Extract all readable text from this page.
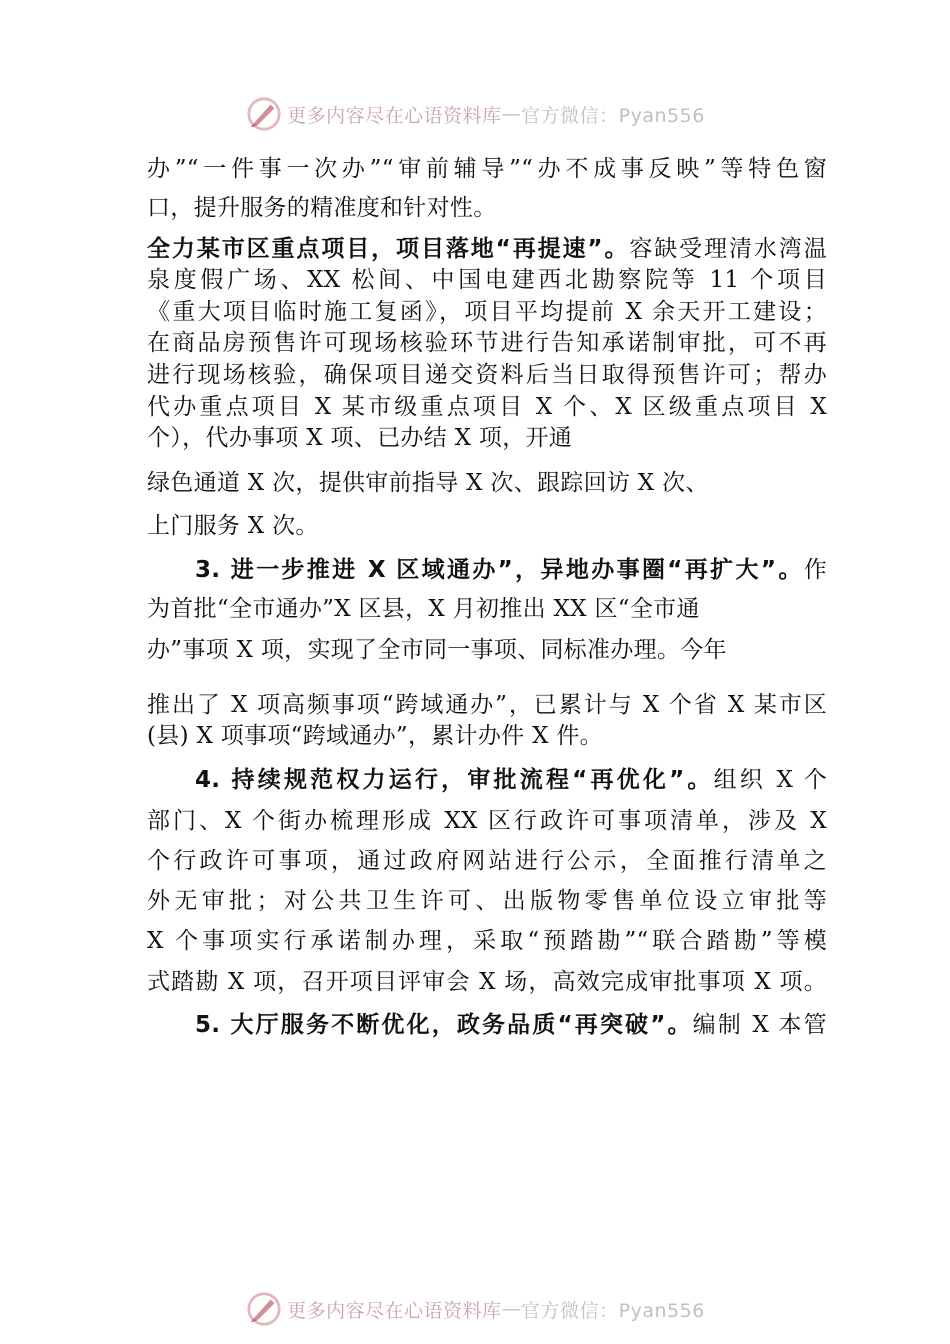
更多内容尽在心语资料库 — 官方微信：Pyan556

办”“一件事一次办”“审前辅导”“办不成事反映”等特色窗

口，提升服务的精准度和针对性。

全力某市区重点项目，项目落地“再提速”。容缺受理清水湾温

泉度假广场、XX 松间、中国电建西北勘察院等 11 个项目

《重大项目临时施工复函》，项目平均提前 X 余天开工建设；

在商品房预售许可现场核验环节进行告知承诺制审批，可不再

进行现场核验，确保项目递交资料后当日取得预售许可；帮办

代办重点项目 X 某市级重点项目 X 个、X 区级重点项目 X

个），代办事项 X 项、已办结 X 项，开通

绿色通道 X 次，提供审前指导 X 次、跟踪回访 X 次、

上门服务 X 次。

3. 进一步推进 X 区域通办”，异地办事圈“再扩大”。作

为首批“全市通办”X 区县，X 月初推出 XX 区“全市通

办”事项 X 项，实现了全市同一事项、同标准办理。今年

推出了 X 项高频事项“跨域通办”，已累计与 X 个省 X 某市区

(县) X 项事项“跨域通办”，累计办件 X 件。

4. 持续规范权力运行，审批流程“再优化”。组织 X 个

部门、X 个街办梳理形成 XX 区行政许可事项清单，涉及 X

个行政许可事项，通过政府网站进行公示，全面推行清单之

外无审批；对公共卫生许可、出版物零售单位设立审批等

X 个事项实行承诺制办理，采取“预踏勘”“联合踏勘”等模

式踏勘 X 项，召开项目评审会 X 场，高效完成审批事项 X 项。

5. 大厅服务不断优化，政务品质“再突破”。编制 X 本管

更多内容尽在心语资料库 — 官方微信：Pyan556
